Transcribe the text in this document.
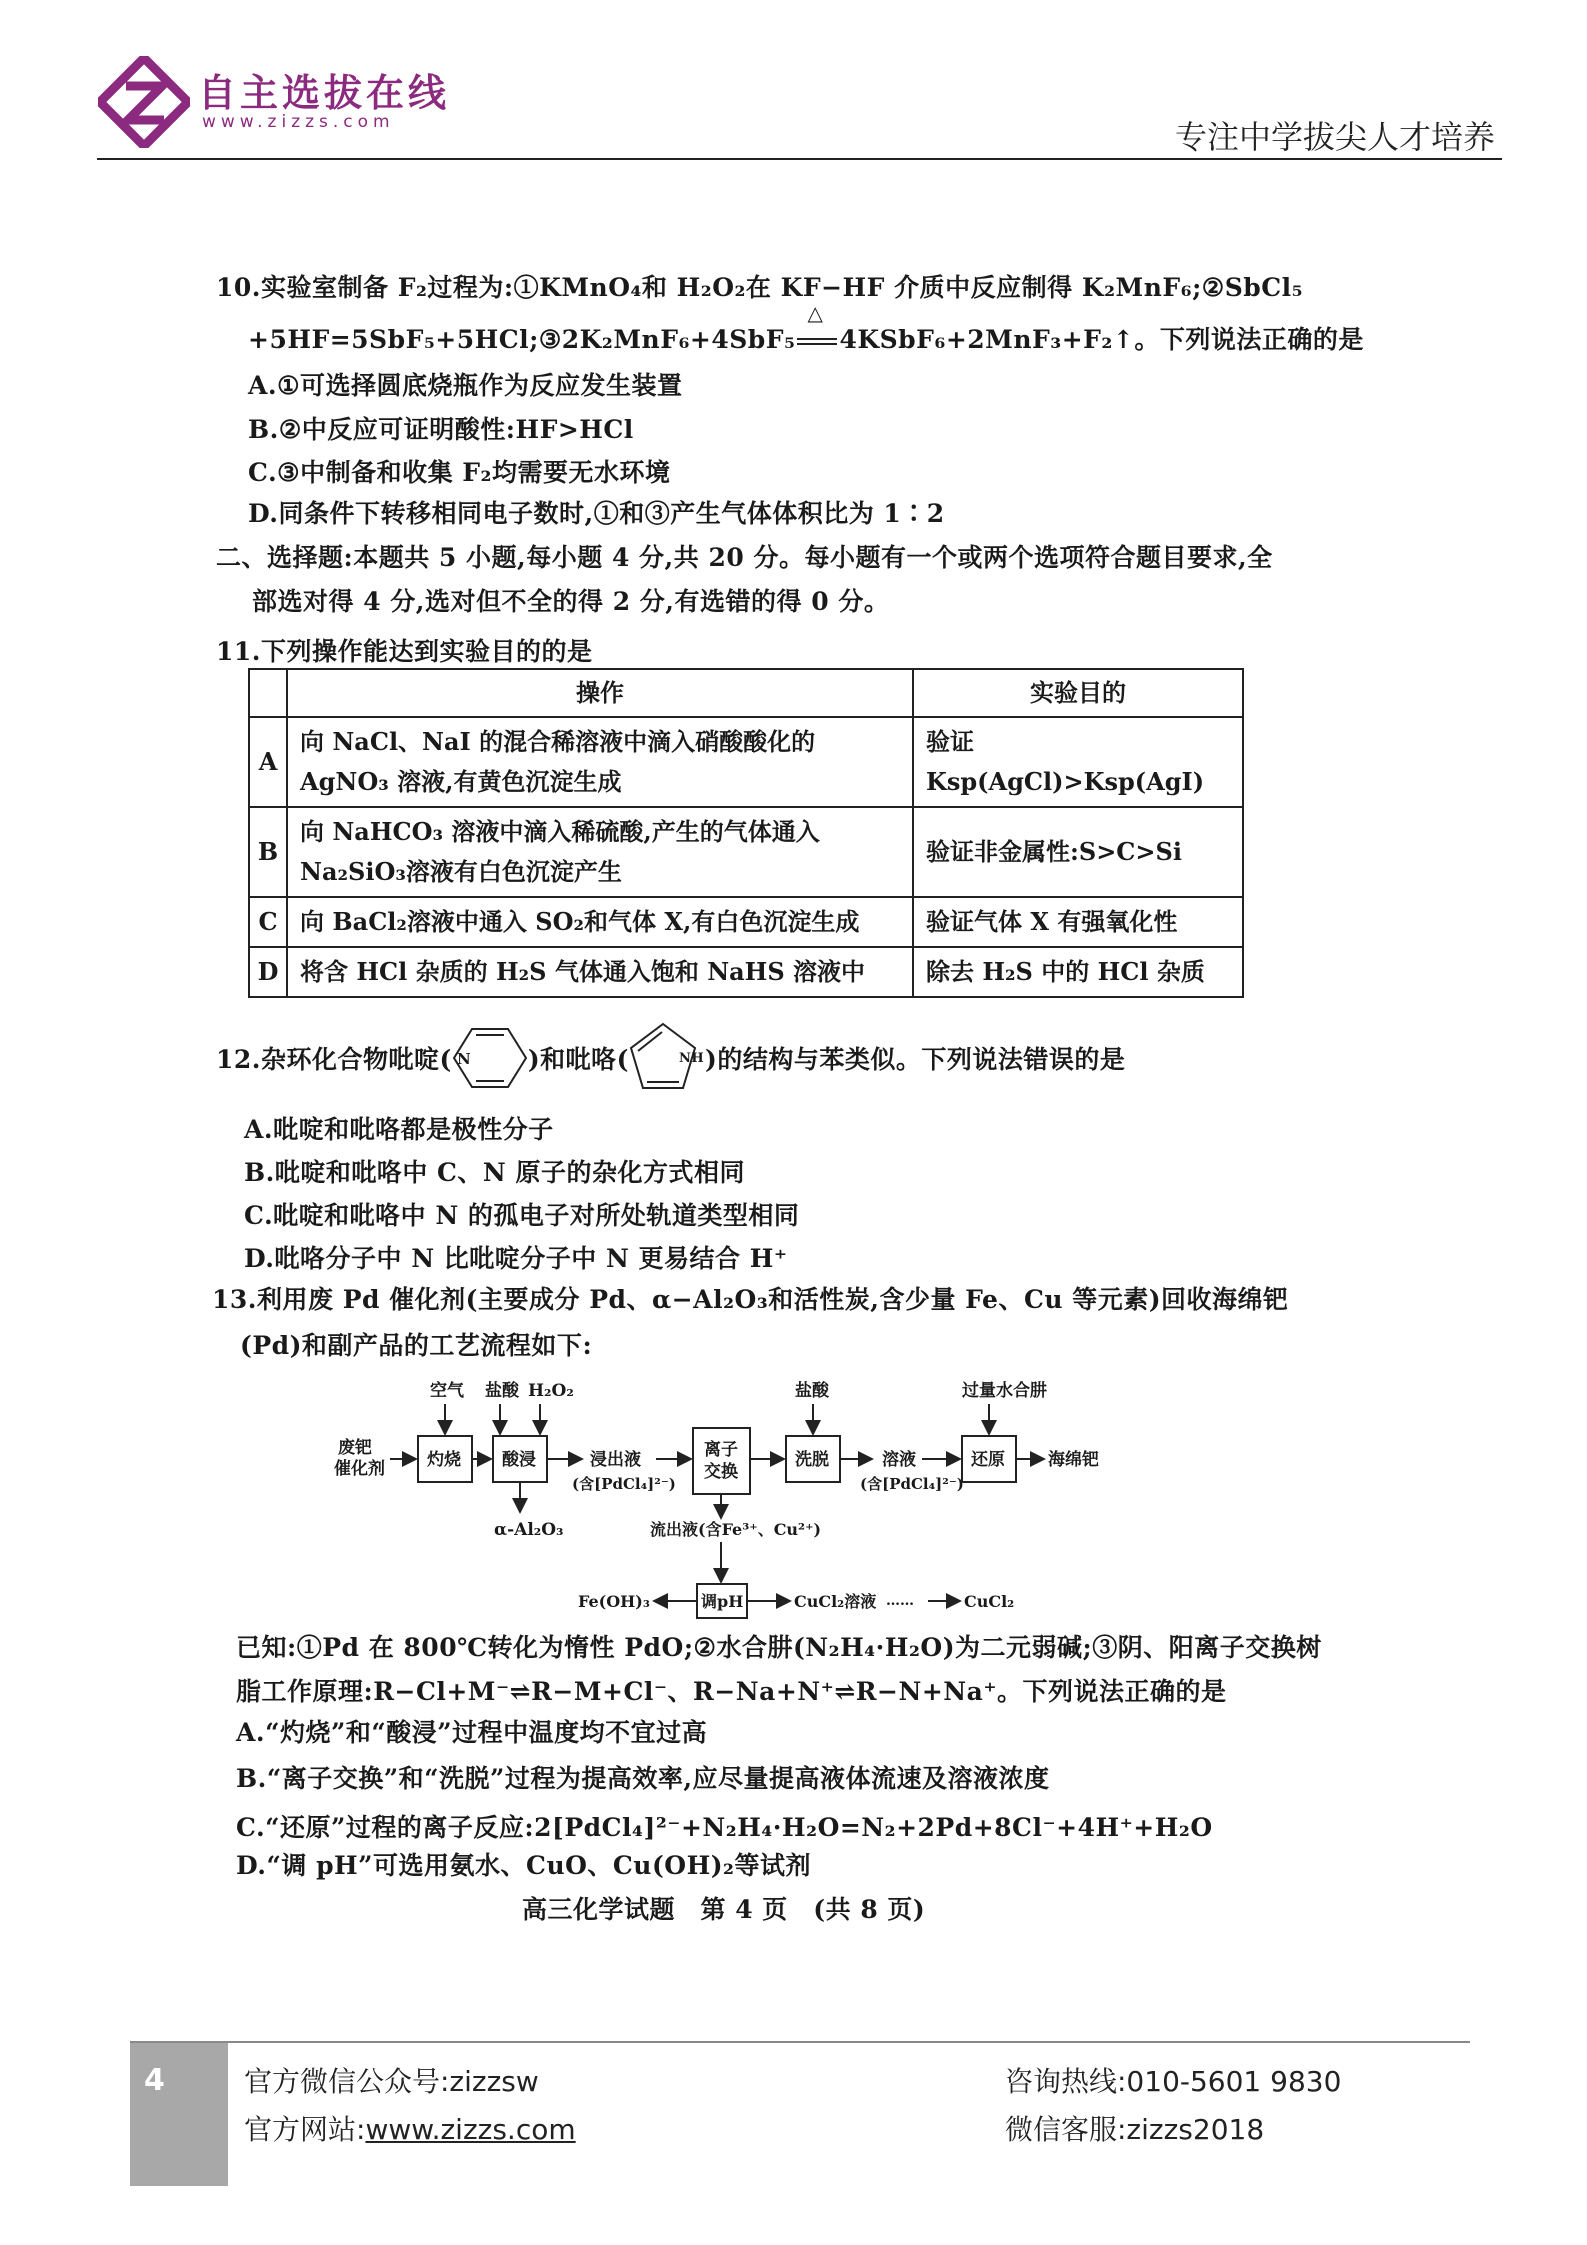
自主选拔在线
www.zizzs.com	专注中学拔尖人才培养
10.实验室制备 F₂过程为:①KMnO₄和 H₂O₂在 KF−HF 介质中反应制得 K₂MnF₆;②SbCl₅
+5HF=5SbF₅+5HCl;③2K₂MnF₆+4SbF₅
△
4KSbF₆+2MnF₃+F₂↑。下列说法正确的是
A.①可选择圆底烧瓶作为反应发生装置
B.②中反应可证明酸性:HF>HCl
C.③中制备和收集 F₂均需要无水环境
D.同条件下转移相同电子数时,①和③产生气体体积比为 1∶2
二、选择题:本题共 5 小题,每小题 4 分,共 20 分。每小题有一个或两个选项符合题目要求,全
部选对得 4 分,选对但不全的得 2 分,有选错的得 0 分。
11.下列操作能达到实验目的的是
	操作	实验目的
A	向 NaCl、NaI 的混合稀溶液中滴入硝酸酸化的 AgNO₃ 溶液,有黄色沉淀生成	验证 Ksp(AgCl)>Ksp(AgI)
B	向 NaHCO₃ 溶液中滴入稀硫酸,产生的气体通入 Na₂SiO₃溶液有白色沉淀产生	验证非金属性:S>C>Si
C	向 BaCl₂溶液中通入 SO₂和气体 X,有白色沉淀生成	验证气体 X 有强氧化性
D	将含 HCl 杂质的 H₂S 气体通入饱和 NaHS 溶液中	除去 H₂S 中的 HCl 杂质
12.杂环化合物吡啶( N )和吡咯(	NH )的结构与苯类似。下列说法错误的是
A.吡啶和吡咯都是极性分子
B.吡啶和吡咯中 C、N 原子的杂化方式相同
C.吡啶和吡咯中 N 的孤电子对所处轨道类型相同
D.吡咯分子中 N 比吡啶分子中 N 更易结合 H⁺
13.利用废 Pd 催化剂(主要成分 Pd、α−Al₂O₃和活性炭,含少量 Fe、Cu 等元素)回收海绵钯
(Pd)和副产品的工艺流程如下:
废钯
催化剂 灼烧
空气
酸浸
盐酸 H₂O₂
α-Al₂O₃
浸出液
(含[PdCl₄]²⁻)
离子
交换
流出液(含Fe³⁺、Cu²⁺)
洗脱
盐酸
溶液
(含[PdCl₄]²⁻)
还原
过量水合肼
海绵钯
调pH
Fe(OH)₃	CuCl₂溶液 ……	CuCl₂
已知:①Pd 在 800℃转化为惰性 PdO;②水合肼(N₂H₄·H₂O)为二元弱碱;③阴、阳离子交换树
脂工作原理:R−Cl+M⁻⇌R−M+Cl⁻、R−Na+N⁺⇌R−N+Na⁺。下列说法正确的是
A.“灼烧”和“酸浸”过程中温度均不宜过高
B.“离子交换”和“洗脱”过程为提高效率,应尽量提高液体流速及溶液浓度
C.“还原”过程的离子反应:2[PdCl₄]²⁻+N₂H₄·H₂O=N₂+2Pd+8Cl⁻+4H⁺+H₂O
D.“调 pH”可选用氨水、CuO、Cu(OH)₂等试剂
高三化学试题　第 4 页　(共 8 页)
4	官方微信公众号:zizzsw
官方网站:www.zizzs.com
咨询热线:010-5601 9830
微信客服:zizzs2018
